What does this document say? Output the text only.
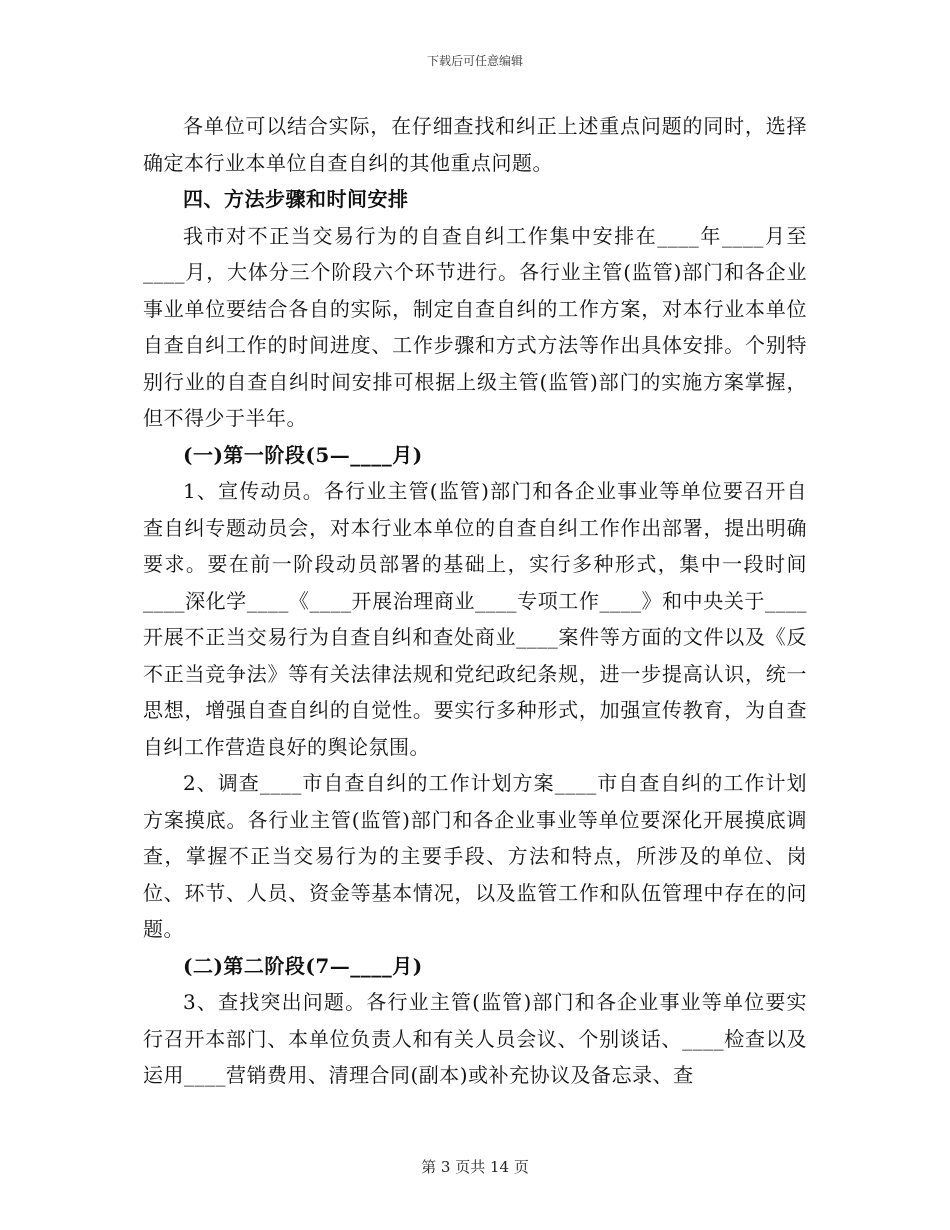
下载后可任意编辑

各单位可以结合实际，在仔细查找和纠正上述重点问题的同时，选择确定本行业本单位自查自纠的其他重点问题。

四、方法步骤和时间安排

我市对不正当交易行为的自查自纠工作集中安排在____年____月至____月，大体分三个阶段六个环节进行。各行业主管(监管)部门和各企业事业单位要结合各自的实际，制定自查自纠的工作方案，对本行业本单位自查自纠工作的时间进度、工作步骤和方式方法等作出具体安排。个别特别行业的自查自纠时间安排可根据上级主管(监管)部门的实施方案掌握，但不得少于半年。

(一)第一阶段(5—____月)

1、宣传动员。各行业主管(监管)部门和各企业事业等单位要召开自查自纠专题动员会，对本行业本单位的自查自纠工作作出部署，提出明确要求。要在前一阶段动员部署的基础上，实行多种形式，集中一段时间____深化学____《____开展治理商业____专项工作____》和中央关于____开展不正当交易行为自查自纠和查处商业____案件等方面的文件以及《反不正当竞争法》等有关法律法规和党纪政纪条规，进一步提高认识，统一思想，增强自查自纠的自觉性。要实行多种形式，加强宣传教育，为自查自纠工作营造良好的舆论氛围。

2、调查____市自查自纠的工作计划方案____市自查自纠的工作计划方案摸底。各行业主管(监管)部门和各企业事业等单位要深化开展摸底调查，掌握不正当交易行为的主要手段、方法和特点，所涉及的单位、岗位、环节、人员、资金等基本情况，以及监管工作和队伍管理中存在的问题。

(二)第二阶段(7—____月)

3、查找突出问题。各行业主管(监管)部门和各企业事业等单位要实行召开本部门、本单位负责人和有关人员会议、个别谈话、____检查以及运用____营销费用、清理合同(副本)或补充协议及备忘录、查

第 3 页共 14 页
